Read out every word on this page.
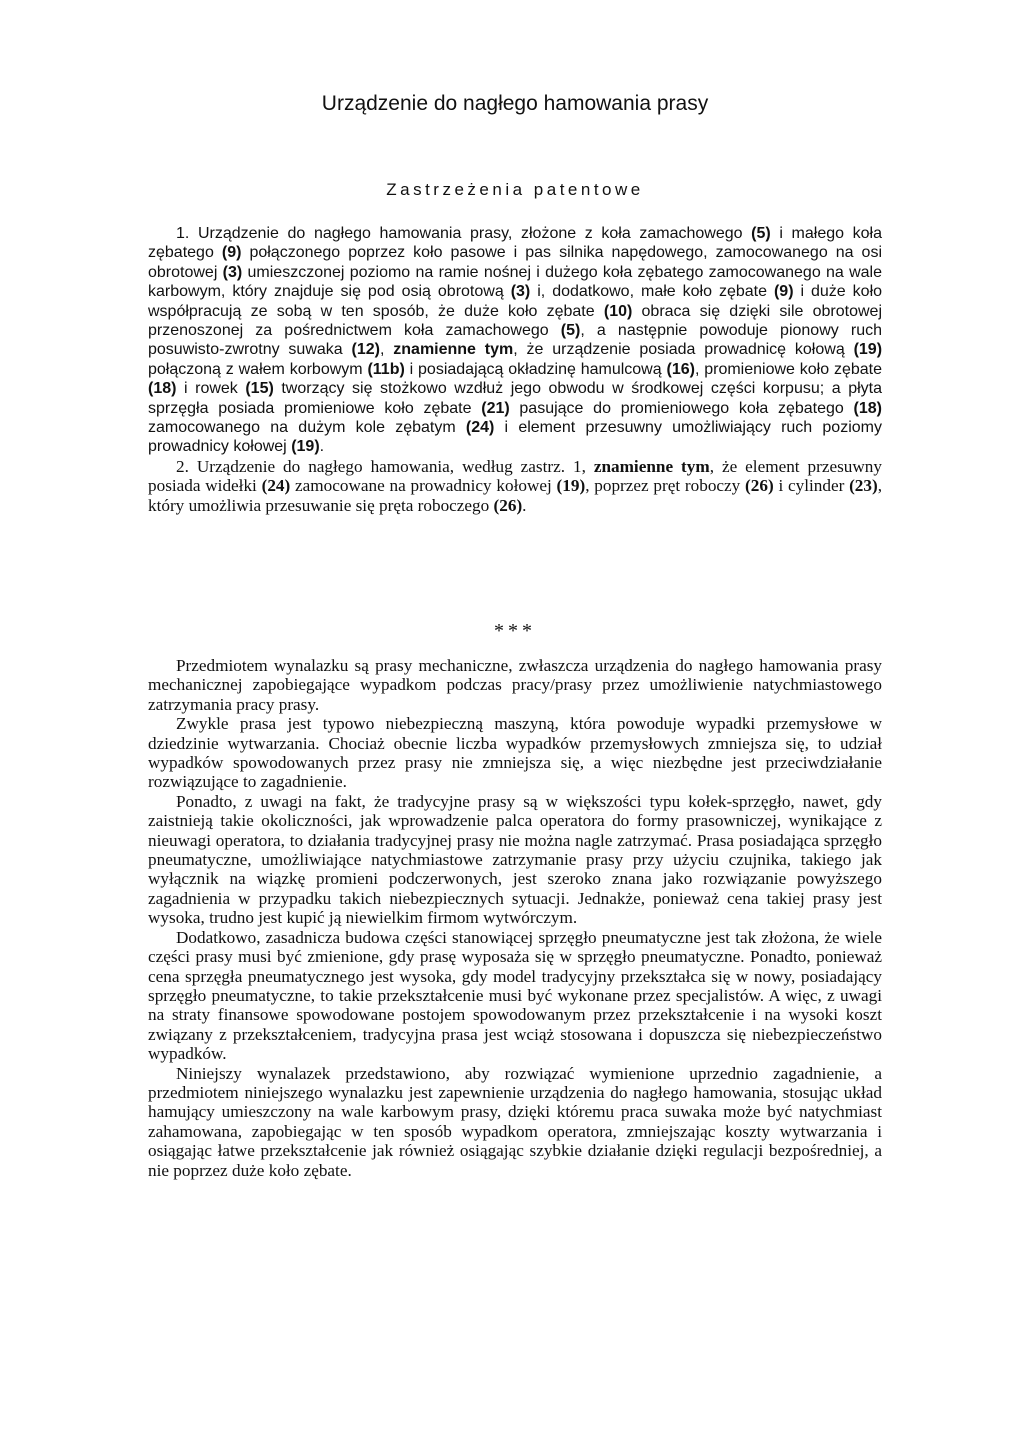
Urządzenie do nagłego hamowania prasy
Zastrzeżenia patentowe

1. Urządzenie do nagłego hamowania prasy, złożone z koła zamachowego (5) i małego koła zębatego (9) połączonego poprzez koło pasowe i pas silnika napędowego, zamocowanego na osi obrotowej (3) umieszczonej poziomo na ramie nośnej i dużego koła zębatego zamocowanego na wale karbowym, który znajduje się pod osią obrotową (3) i, dodatkowo, małe koło zębate (9) i duże koło współpracują ze sobą w ten sposób, że duże koło zębate (10) obraca się dzięki sile obrotowej przenoszonej za pośrednictwem koła zamachowego (5), a następnie powoduje pionowy ruch posuwisto-zwrotny suwaka (12), znamienne tym, że urządzenie posiada prowadnicę kołową (19) połączoną z wałem korbowym (11b) i posiadającą okładzinę hamulcową (16), promieniowe koło zębate (18) i rowek (15) tworzący się stożkowo wzdłuż jego obwodu w środkowej części korpusu; a płyta sprzęgła posiada promieniowe koło zębate (21) pasujące do promieniowego koła zębatego (18) zamocowanego na dużym kole zębatym (24) i element przesuwny umożliwiający ruch poziomy prowadnicy kołowej (19).

2. Urządzenie do nagłego hamowania, według zastrz. 1, znamienne tym, że element przesuwny posiada widełki (24) zamocowane na prowadnicy kołowej (19), poprzez pręt roboczy (26) i cylinder (23), który umożliwia przesuwanie się pręta roboczego (26).

***

Przedmiotem wynalazku są prasy mechaniczne, zwłaszcza urządzenia do nagłego hamowania prasy mechanicznej zapobiegające wypadkom podczas pracy/prasy przez umożliwienie natychmiastowego zatrzymania pracy prasy.

Zwykle prasa jest typowo niebezpieczną maszyną, która powoduje wypadki przemysłowe w dziedzinie wytwarzania. Chociaż obecnie liczba wypadków przemysłowych zmniejsza się, to udział wypadków spowodowanych przez prasy nie zmniejsza się, a więc niezbędne jest przeciwdziałanie rozwiązujące to zagadnienie.

Ponadto, z uwagi na fakt, że tradycyjne prasy są w większości typu kołek-sprzęgło, nawet, gdy zaistnieją takie okoliczności, jak wprowadzenie palca operatora do formy prasowniczej, wynikające z nieuwagi operatora, to działania tradycyjnej prasy nie można nagle zatrzymać. Prasa posiadająca sprzęgło pneumatyczne, umożliwiające natychmiastowe zatrzymanie prasy przy użyciu czujnika, takiego jak wyłącznik na wiązkę promieni podczerwonych, jest szeroko znana jako rozwiązanie powyższego zagadnienia w przypadku takich niebezpiecznych sytuacji. Jednakże, ponieważ cena takiej prasy jest wysoka, trudno jest kupić ją niewielkim firmom wytwórczym.

Dodatkowo, zasadnicza budowa części stanowiącej sprzęgło pneumatyczne jest tak złożona, że wiele części prasy musi być zmienione, gdy prasę wyposaża się w sprzęgło pneumatyczne. Ponadto, ponieważ cena sprzęgła pneumatycznego jest wysoka, gdy model tradycyjny przekształca się w nowy, posiadający sprzęgło pneumatyczne, to takie przekształcenie musi być wykonane przez specjalistów. A więc, z uwagi na straty finansowe spowodowane postojem spowodowanym przez przekształcenie i na wysoki koszt związany z przekształceniem, tradycyjna prasa jest wciąż stosowana i dopuszcza się niebezpieczeństwo wypadków.

Niniejszy wynalazek przedstawiono, aby rozwiązać wymienione uprzednio zagadnienie, a przedmiotem niniejszego wynalazku jest zapewnienie urządzenia do nagłego hamowania, stosując układ hamujący umieszczony na wale karbowym prasy, dzięki któremu praca suwaka może być natychmiast zahamowana, zapobiegając w ten sposób wypadkom operatora, zmniejszając koszty wytwarzania i osiągając łatwe przekształcenie jak również osiągając szybkie działanie dzięki regulacji bezpośredniej, a nie poprzez duże koło zębate.
